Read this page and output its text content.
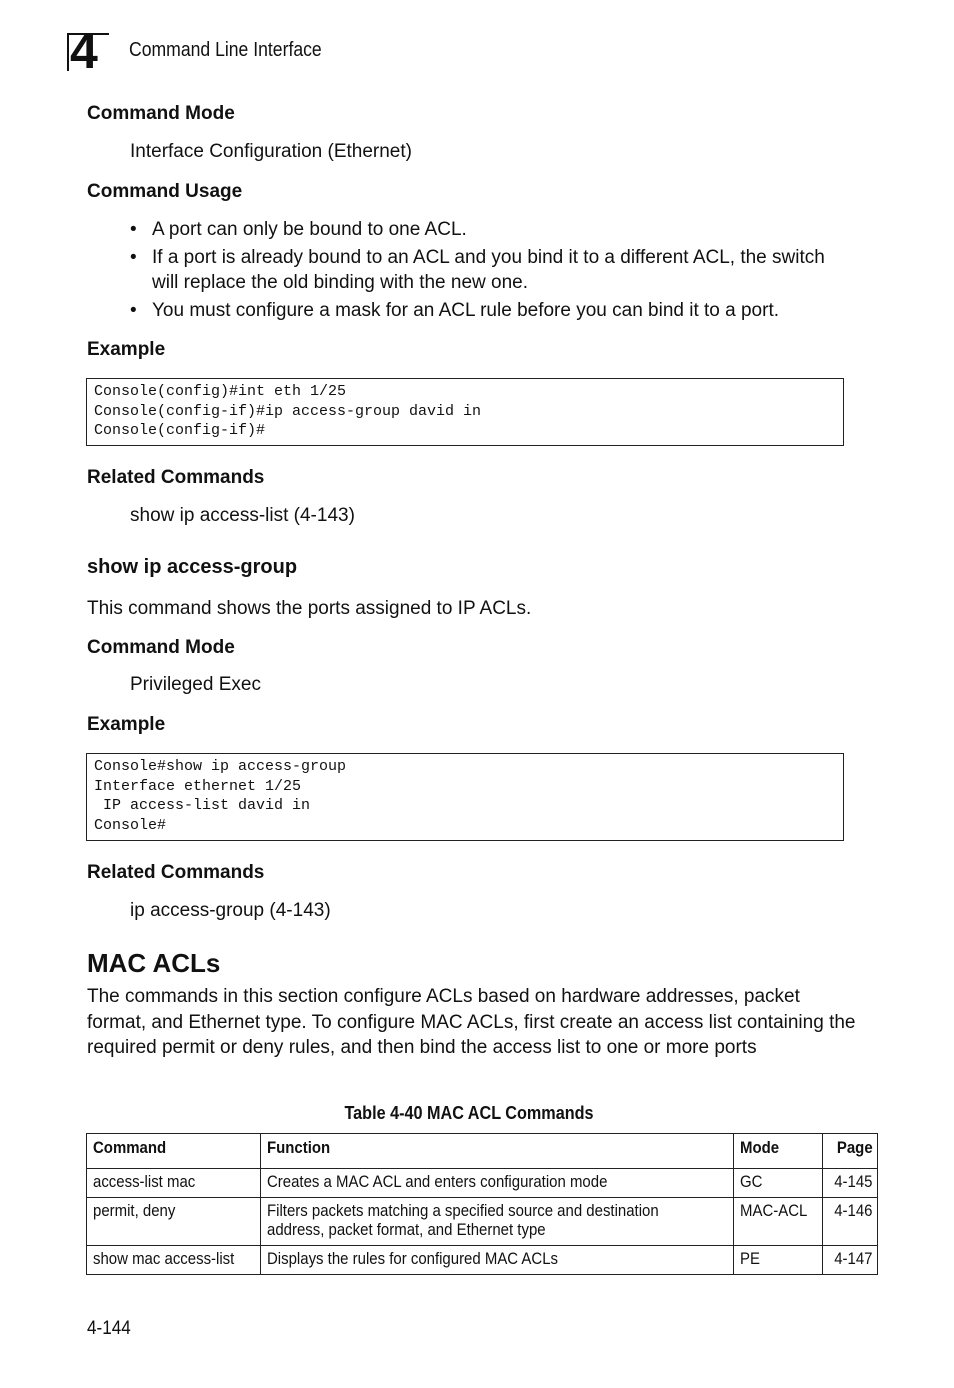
4 Command Line Interface
Command Mode
Interface Configuration (Ethernet)
Command Usage
• A port can only be bound to one ACL.
• If a port is already bound to an ACL and you bind it to a different ACL, the switch will replace the old binding with the new one.
• You must configure a mask for an ACL rule before you can bind it to a port.
Example
Console(config)#int eth 1/25
Console(config-if)#ip access-group david in
Console(config-if)#
Related Commands
show ip access-list (4-143)
show ip access-group
This command shows the ports assigned to IP ACLs.
Command Mode
Privileged Exec
Example
Console#show ip access-group
Interface ethernet 1/25
IP access-list david in
Console#
Related Commands
ip access-group (4-143)
MAC ACLs
The commands in this section configure ACLs based on hardware addresses, packet format, and Ethernet type. To configure MAC ACLs, first create an access list containing the required permit or deny rules, and then bind the access list to one or more ports
Table 4-40 MAC ACL Commands
Command	Function	Mode	Page
access-list mac	Creates a MAC ACL and enters configuration mode	GC	4-145
permit, deny	Filters packets matching a specified source and destination address, packet format, and Ethernet type	MAC-ACL	4-146
show mac access-list	Displays the rules for configured MAC ACLs	PE	4-147
4-144
